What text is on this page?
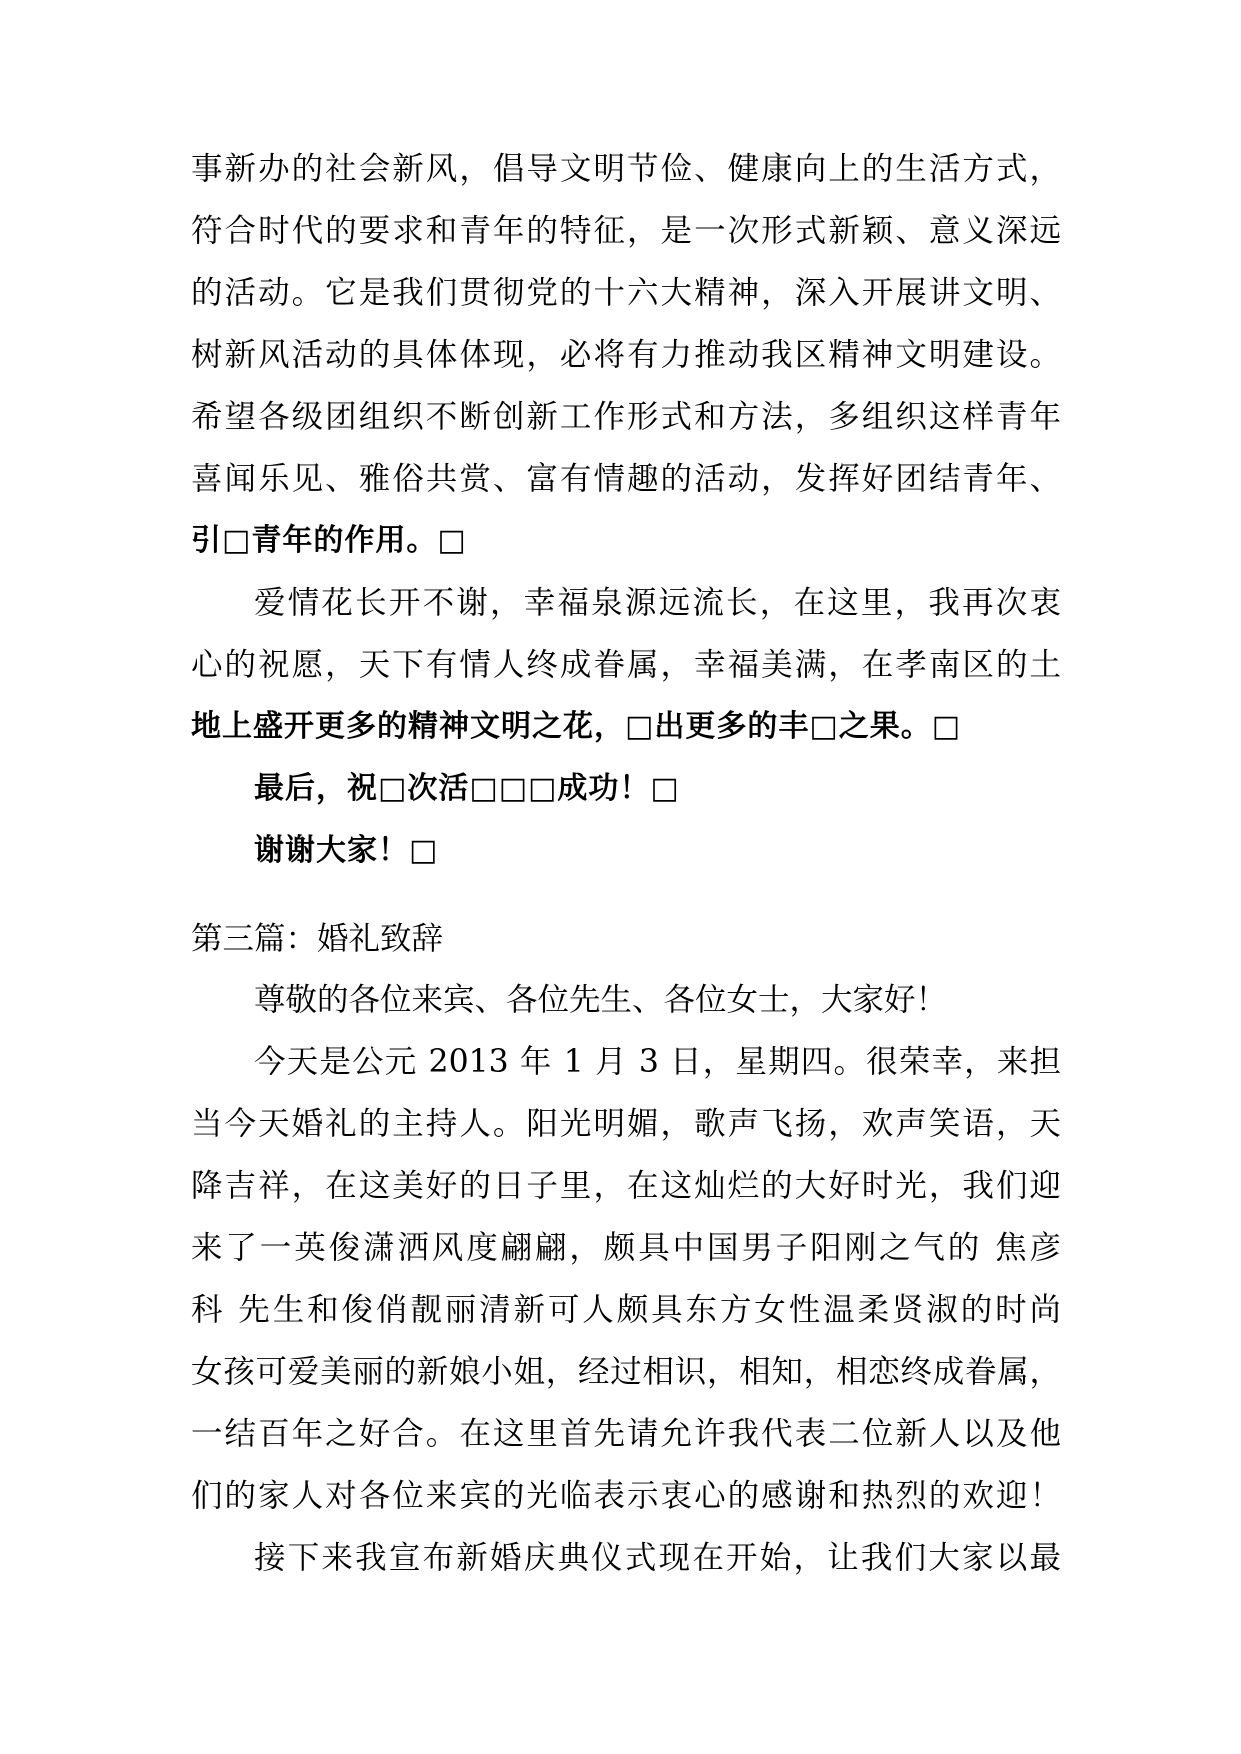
事新办的社会新风，倡导文明节俭、健康向上的生活方式，
符合时代的要求和青年的特征，是一次形式新颖、意义深远
的活动。它是我们贯彻党的十六大精神，深入开展讲文明、
树新风活动的具体体现，必将有力推动我区精神文明建设。
希望各级团组织不断创新工作形式和方法，多组织这样青年
喜闻乐见、雅俗共赏、富有情趣的活动，发挥好团结青年、
引□青年的作用。□
爱情花长开不谢，幸福泉源远流长，在这里，我再次衷
心的祝愿，天下有情人终成眷属，幸福美满，在孝南区的土
地上盛开更多的精神文明之花，□出更多的丰□之果。□
最后，祝□次活□□□成功！□
谢谢大家！□
第三篇：婚礼致辞
尊敬的各位来宾、各位先生、各位女士，大家好！
今天是公元 2013 年 1 月 3 日，星期四。很荣幸，来担
当今天婚礼的主持人。阳光明媚，歌声飞扬，欢声笑语，天
降吉祥，在这美好的日子里，在这灿烂的大好时光，我们迎
来了一英俊潇洒风度翩翩，颇具中国男子阳刚之气的 焦彦
科 先生和俊俏靓丽清新可人颇具东方女性温柔贤淑的时尚
女孩可爱美丽的新娘小姐，经过相识，相知，相恋终成眷属，
一结百年之好合。在这里首先请允许我代表二位新人以及他
们的家人对各位来宾的光临表示衷心的感谢和热烈的欢迎！
接下来我宣布新婚庆典仪式现在开始，让我们大家以最
